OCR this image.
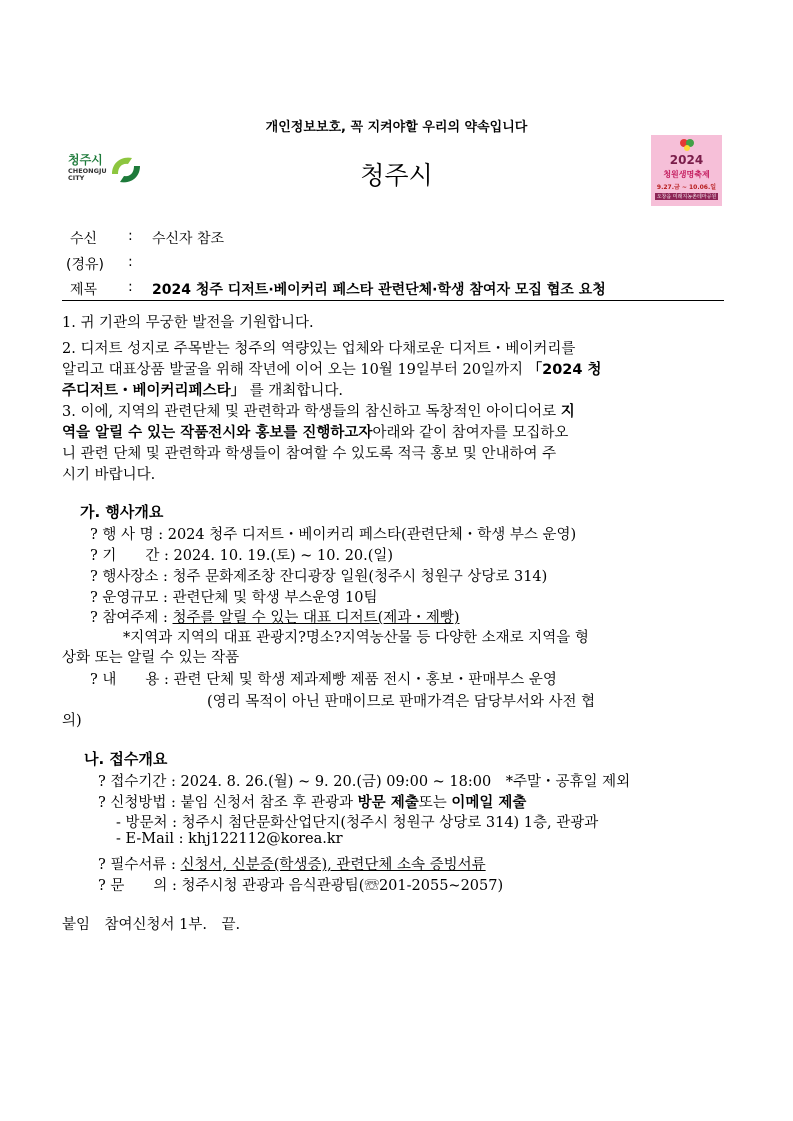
개인정보보호, 꼭 지켜야할 우리의 약속입니다
청주시
CHEONGJU
CITY	청주시
2024
청원생명축제
9.27.금 ~ 10.06.일
오창읍 미래지농촌테마공원
수신 : 수신자 참조
(경유) :
제목 : 2024 청주 디저트·베이커리 페스타 관련단체·학생 참여자 모집 협조 요청
1. 귀 기관의 무궁한 발전을 기원합니다.
2. 디저트 성지로 주목받는 청주의 역량있는 업체와 다채로운 디저트・베이커리를
알리고 대표상품 발굴을 위해 작년에 이어 오는 10월 19일부터 20일까지 「2024 청
주디저트・베이커리페스타」 를 개최합니다.
3. 이에, 지역의 관련단체 및 관련학과 학생들의 참신하고 독창적인 아이디어로 지
역을 알릴 수 있는 작품전시와 홍보를 진행하고자아래와 같이 참여자를 모집하오
니 관련 단체 및 관련학과 학생들이 참여할 수 있도록 적극 홍보 및 안내하여 주
시기 바랍니다.
가. 행사개요
? 행 사 명 : 2024 청주 디저트・베이커리 페스타(관련단체・학생 부스 운영)
? 기　　간 : 2024. 10. 19.(토) ~ 10. 20.(일)
? 행사장소 : 청주 문화제조창 잔디광장 일원(청주시 청원구 상당로 314)
? 운영규모 : 관련단체 및 학생 부스운영 10팀
? 참여주제 : 청주를 알릴 수 있는 대표 디저트(제과・제빵)
*지역과 지역의 대표 관광지?명소?지역농산물 등 다양한 소재로 지역을 형
상화 또는 알릴 수 있는 작품
? 내　　용 : 관련 단체 및 학생 제과제빵 제품 전시・홍보・판매부스 운영
(영리 목적이 아닌 판매이므로 판매가격은 담당부서와 사전 협
의)
나. 접수개요
? 접수기간 : 2024. 8. 26.(월) ~ 9. 20.(금) 09:00 ~ 18:00　*주말・공휴일 제외
? 신청방법 : 붙임 신청서 참조 후 관광과 방문 제출또는 이메일 제출
- 방문처 : 청주시 첨단문화산업단지(청주시 청원구 상당로 314) 1층, 관광과
- E-Mail : khj122112@korea.kr
? 필수서류 : 신청서, 신분증(학생증), 관련단체 소속 증빙서류
? 문　　의 : 청주시청 관광과 음식관광팀(☏201-2055~2057)
붙임　참여신청서 1부.　끝.
